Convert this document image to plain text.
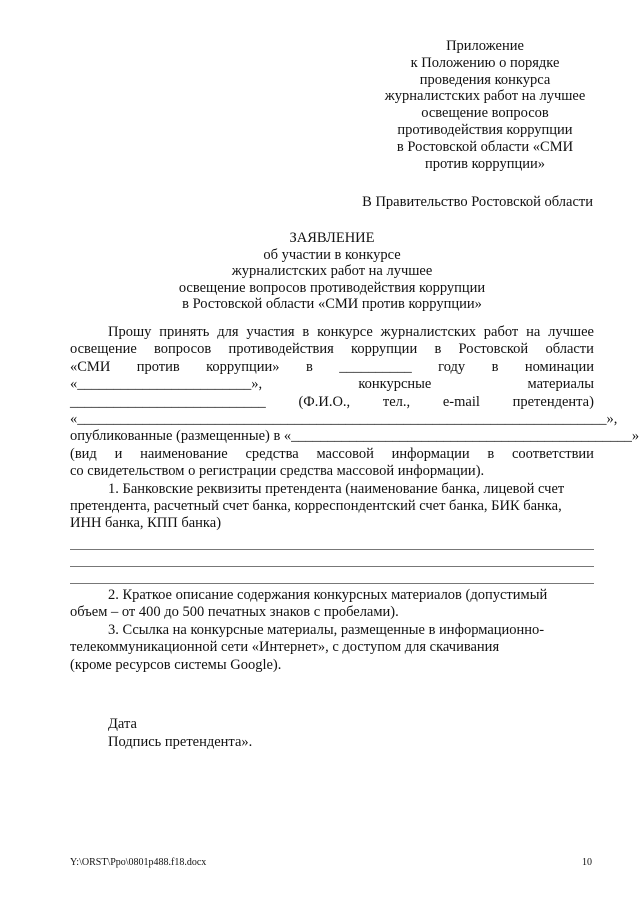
Приложение
к Положению о порядке
проведения конкурса
журналистских работ на лучшее
освещение вопросов
противодействия коррупции
в Ростовской области «СМИ
против коррупции»
В Правительство Ростовской области
ЗАЯВЛЕНИЕ
об участии в конкурсе
журналистских работ на лучшее
освещение вопросов противодействия коррупции
в Ростовской области «СМИ против коррупции»
Прошу принять для участия в конкурсе журналистских работ на лучшее
освещение вопросов противодействия коррупции в Ростовской области
«СМИ против коррупции» в __________ году в номинации
«________________________»,	конкурсные	материалы
___________________________ (Ф.И.О., тел., e-mail претендента)
«_________________________________________________________________________»,
опубликованные (размещенные) в «_______________________________________________»
(вид и наименование средства массовой информации в соответствии
со свидетельством о регистрации средства массовой информации).
1. Банковские реквизиты претендента (наименование банка, лицевой счет
претендента, расчетный счет банка, корреспондентский счет банка, БИК банка,
ИНН банка, КПП банка)
2. Краткое описание содержания конкурсных материалов (допустимый
объем – от 400 до 500 печатных знаков с пробелами).
3. Ссылка на конкурсные материалы, размещенные в информационно-
телекоммуникационной сети «Интернет», с доступом для скачивания
(кроме ресурсов системы Google).
Дата
Подпись претендента».
Y:\ORST\Ppo\0801p488.f18.docx	10
